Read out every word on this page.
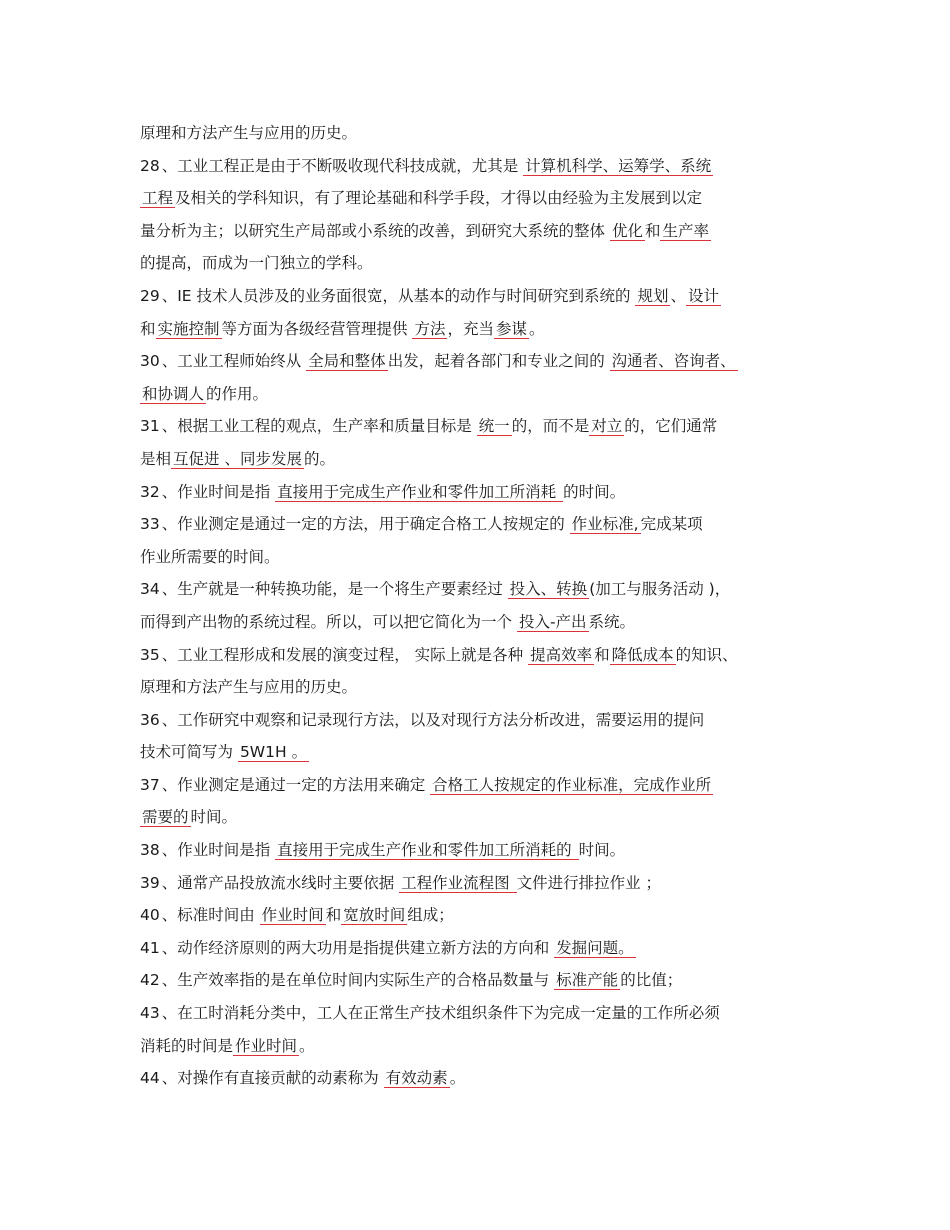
原理和方法产生与应用的历史。
28 、工业工程正是由于不断吸收现代科技成就，尤其是 计算机科学、运筹学、系统
工程 及相关的学科知识，有了理论基础和科学手段，才得以由经验为主发展到以定
量分析为主；以研究生产局部或小系统的改善，到研究大系统的整体 优化 和 生产率
的提高，而成为一门独立的学科。
29 、IE 技术人员涉及的业务面很宽，从基本的动作与时间研究到系统的 规划 、 设计
和 实施控制 等方面为各级经营管理提供 方法 ，充当 参谋 。
30 、工业工程师始终从 全局和整体 出发，起着各部门和专业之间的 沟通者、咨询者、
和协调人 的作用。
31 、根据工业工程的观点，生产率和质量目标是 统一 的，而不是 对立 的，它们通常
是相 互促进 、同步发展 的。
32 、作业时间是指 直接用于完成生产作业和零件加工所消耗 的时间。
33 、作业测定是通过一定的方法，用于确定合格工人按规定的 作业标准, 完成某项
作业所需要的时间。
34 、生产就是一种转换功能，是一个将生产要素经过 投入、转换 (加工与服务活动 )，
而得到产出物的系统过程。所以，可以把它简化为一个 投入-产出 系统。
35 、工业工程形成和发展的演变过程， 实际上就是各种 提高效率 和 降低成本 的知识、
原理和方法产生与应用的历史。
36 、工作研究中观察和记录现行方法，以及对现行方法分析改进，需要运用的提问
技术可简写为 5W1H 。
37 、作业测定是通过一定的方法用来确定 合格工人按规定的作业标准，完成作业所
需要的 时间。
38 、作业时间是指 直接用于完成生产作业和零件加工所消耗的 时间。
39 、通常产品投放流水线时主要依据 工程作业流程图 文件进行排拉作业 ；
40 、标准时间由 作业时间 和 宽放时间 组成；
41 、动作经济原则的两大功用是指提供建立新方法的方向和 发掘问题。
42 、生产效率指的是在单位时间内实际生产的合格品数量与 标准产能 的比值；
43 、在工时消耗分类中，工人在正常生产技术组织条件下为完成一定量的工作所必须
消耗的时间是 作业时间 。
44 、对操作有直接贡献的动素称为 有效动素 。
